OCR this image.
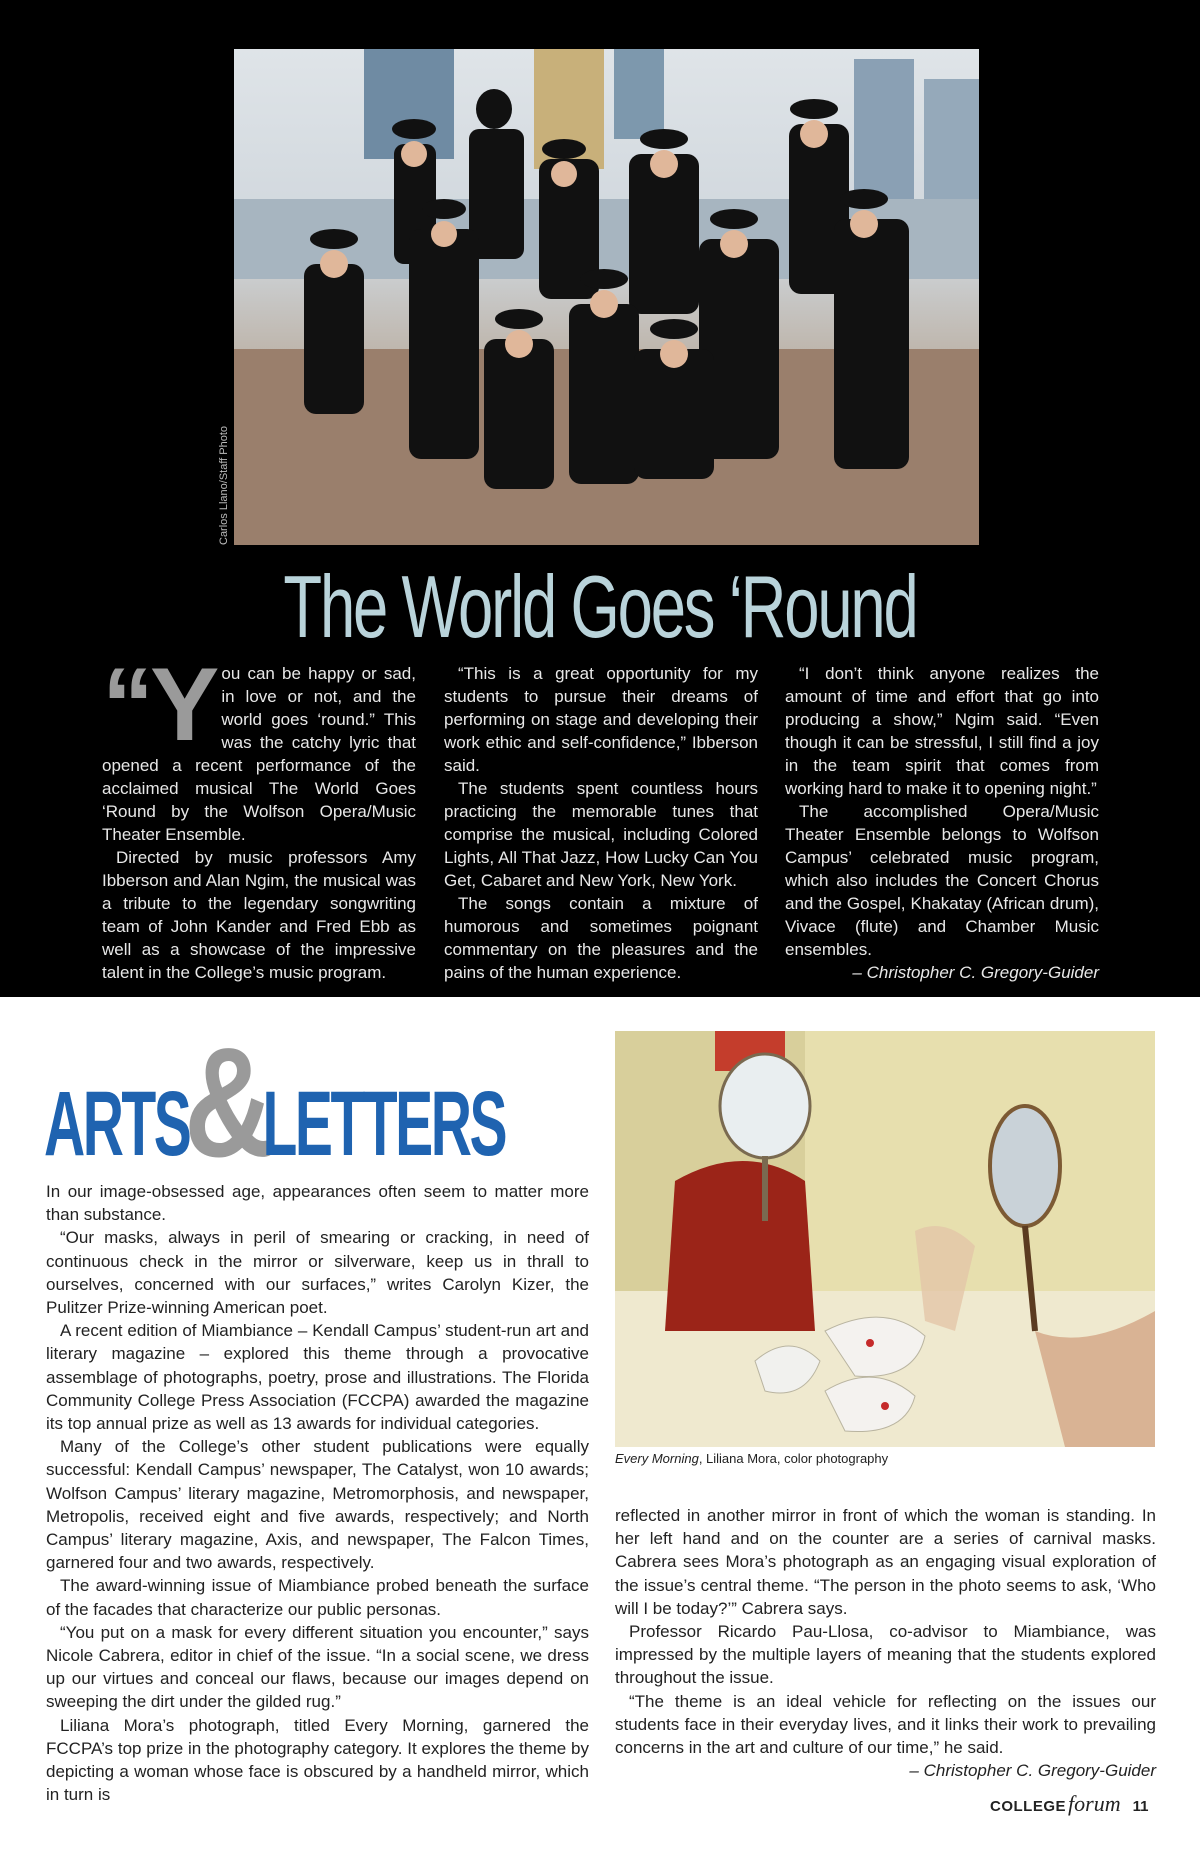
Carlos Llano/Staff Photo
The World Goes ‘Round
“Y ou can be happy or sad, in love or not, and the world goes ‘round.” This was the catchy lyric that opened a recent performance of the acclaimed musical The World Goes ‘Round by the Wolfson Opera/Music Theater Ensemble.

Directed by music professors Amy Ibberson and Alan Ngim, the musical was a tribute to the legendary songwriting team of John Kander and Fred Ebb as well as a showcase of the impressive talent in the College’s music program.

“This is a great opportunity for my students to pursue their dreams of performing on stage and developing their work ethic and self-confidence,” Ibberson said.

The students spent countless hours practicing the memorable tunes that comprise the musical, including Colored Lights, All That Jazz, How Lucky Can You Get, Cabaret and New York, New York.

The songs contain a mixture of humorous and sometimes poignant commentary on the pleasures and the pains of the human experience.

“I don’t think anyone realizes the amount of time and effort that go into producing a show,” Ngim said. “Even though it can be stressful, I still find a joy in the team spirit that comes from working hard to make it to opening night.”

The accomplished Opera/Music Theater Ensemble belongs to Wolfson Campus’ celebrated music program, which also includes the Concert Chorus and the Gospel, Khakatay (African drum), Vivace (flute) and Chamber Music ensembles.

– Christopher C. Gregory-Guider

&
ARTS LETTERS

In our image-obsessed age, appearances often seem to matter more than substance.

“Our masks, always in peril of smearing or cracking, in need of continuous check in the mirror or silverware, keep us in thrall to ourselves, concerned with our surfaces,” writes Carolyn Kizer, the Pulitzer Prize-winning American poet.

A recent edition of Miambiance – Kendall Campus’ student-run art and literary magazine – explored this theme through a provocative assemblage of photographs, poetry, prose and illustrations. The Florida Community College Press Association (FCCPA) awarded the magazine its top annual prize as well as 13 awards for individual categories.

Many of the College’s other student publications were equally successful: Kendall Campus’ newspaper, The Catalyst, won 10 awards; Wolfson Campus’ literary magazine, Metromorphosis, and newspaper, Metropolis, received eight and five awards, respectively; and North Campus’ literary magazine, Axis, and newspaper, The Falcon Times, garnered four and two awards, respectively.

The award-winning issue of Miambiance probed beneath the surface of the facades that characterize our public personas.

“You put on a mask for every different situation you encounter,” says Nicole Cabrera, editor in chief of the issue. “In a social scene, we dress up our virtues and conceal our flaws, because our images depend on sweeping the dirt under the gilded rug.”

Liliana Mora’s photograph, titled Every Morning, garnered the FCCPA’s top prize in the photography category. It explores the theme by depicting a woman whose face is obscured by a handheld mirror, which in turn is

Every Morning, Liliana Mora, color photography

reflected in another mirror in front of which the woman is standing. In her left hand and on the counter are a series of carnival masks. Cabrera sees Mora’s photograph as an engaging visual exploration of the issue’s central theme. “The person in the photo seems to ask, ‘Who will I be today?’” Cabrera says.

Professor Ricardo Pau-Llosa, co-advisor to Miambiance, was impressed by the multiple layers of meaning that the students explored throughout the issue.

“The theme is an ideal vehicle for reflecting on the issues our students face in their everyday lives, and it links their work to prevailing concerns in the art and culture of our time,” he said.

– Christopher C. Gregory-Guider

COLLEGE forum 11
